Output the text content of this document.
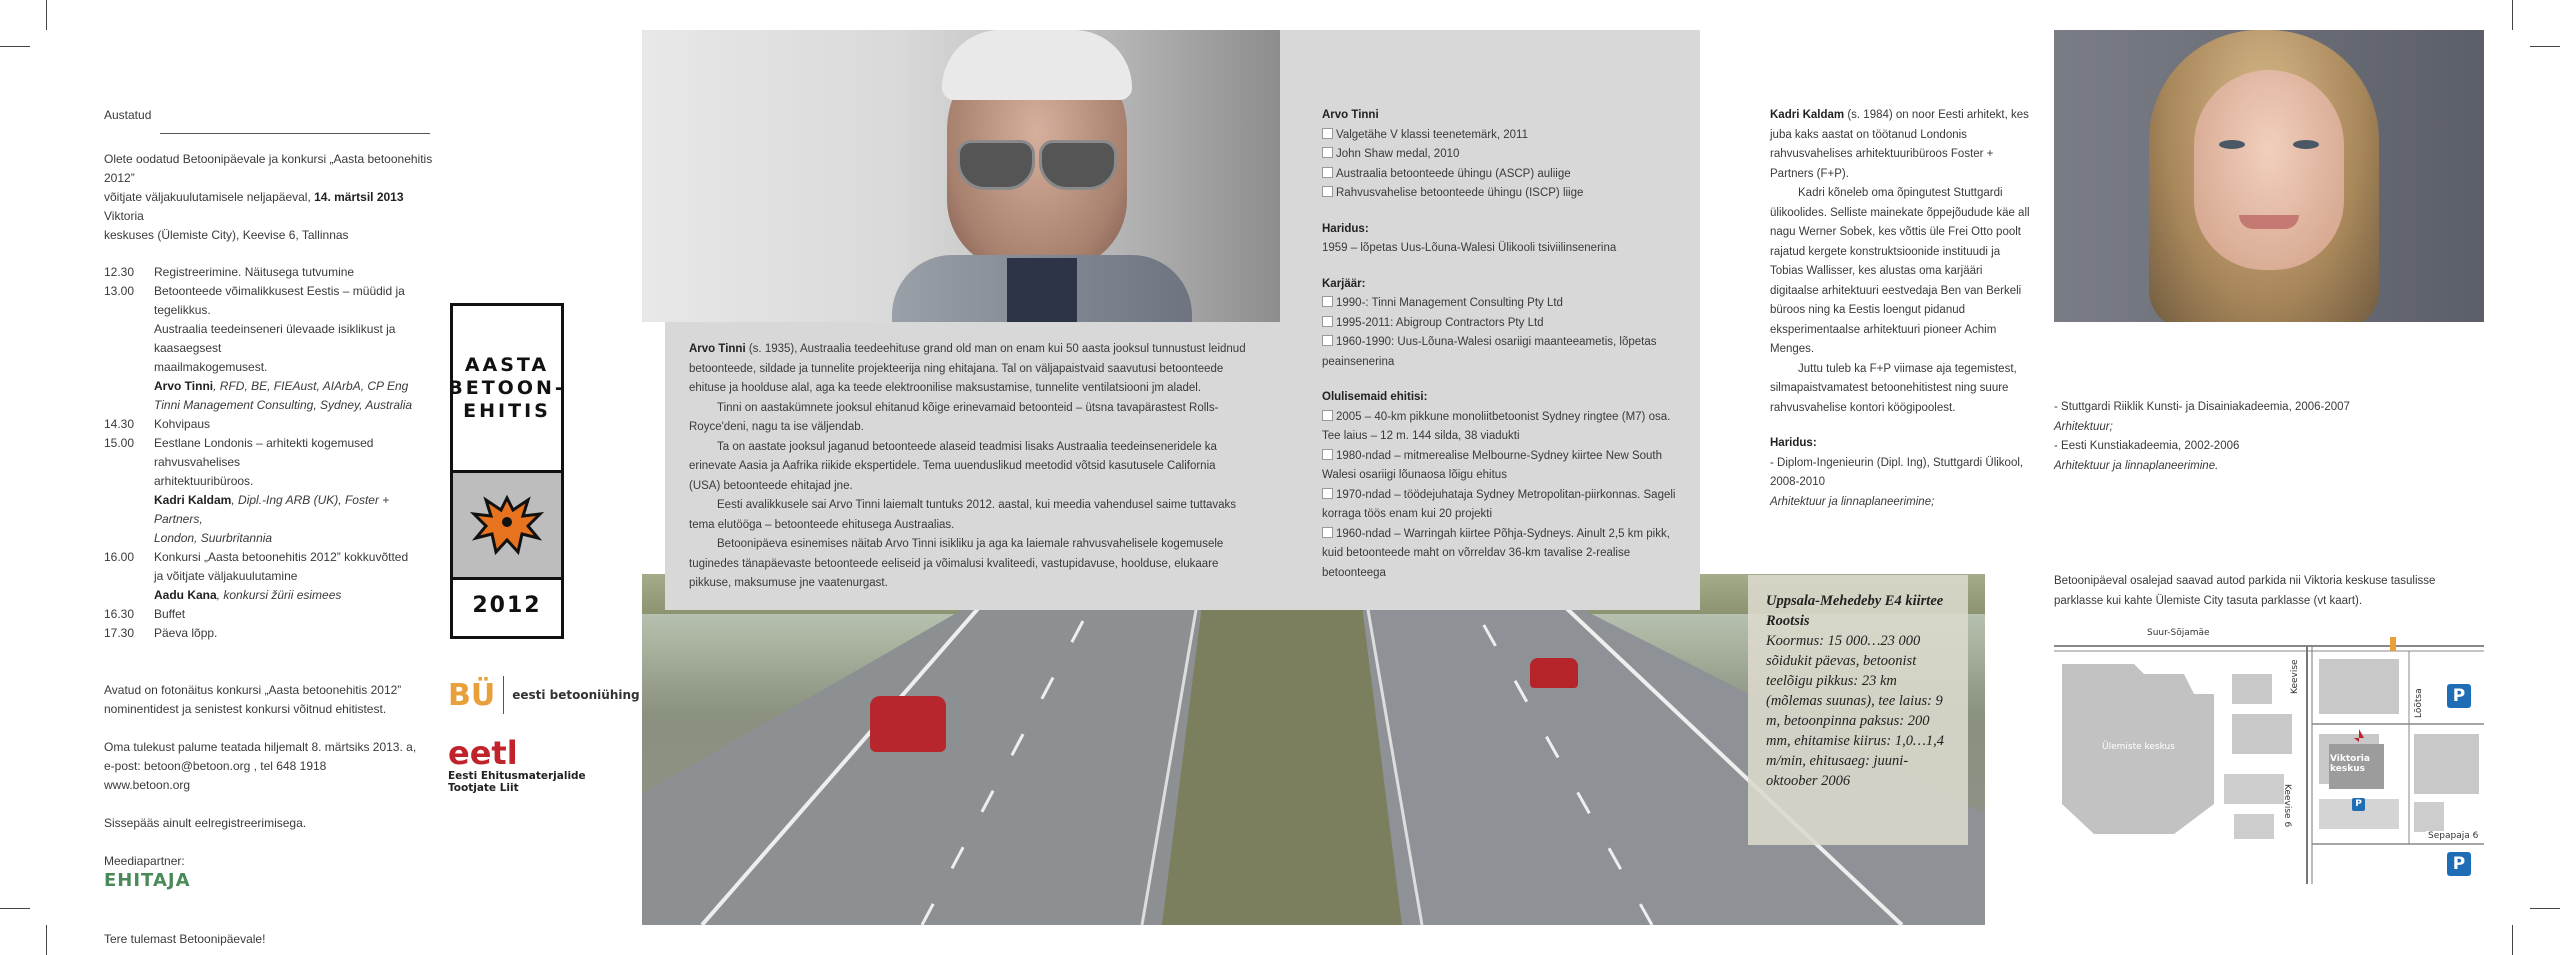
Austatud

Olete oodatud Betoonipäevale ja konkursi „Aasta betoonehitis 2012”
võitjate väljakuulutamisele neljapäeval, 14. märtsil 2013 Viktoria
keskuses (Ülemiste City), Keevise 6, Tallinnas

12.30	Registreerimine. Näitusega tutvumine
13.00	Betoonteede võimalikkusest Eestis – müüdid ja tegelikkus.
Austraalia teedeinseneri ülevaade isiklikust ja kaasaegsest
maailmakogemusest.
Arvo Tinni, RFD, BE, FIEAust, AIArbA, CP Eng
Tinni Management Consulting, Sydney, Australia
14.30	Kohvipaus
15.00	Eestlane Londonis – arhitekti kogemused rahvusvahelises
arhitektuuribüroos.
Kadri Kaldam, Dipl.-Ing ARB (UK), Foster + Partners,
London, Suurbritannia
16.00	Konkursi „Aasta betoonehitis 2012” kokkuvõtted
ja võitjate väljakuulutamine
Aadu Kana, konkursi žürii esimees
16.30	Buffet
17.30	Päeva lõpp.

Avatud on fotonäitus konkursi „Aasta betoonehitis 2012”
nominentidest ja senistest konkursi võitnud ehitistest.

Oma tulekust palume teatada hiljemalt 8. märtsiks 2013. a,
e-post: betoon@betoon.org , tel 648 1918
www.betoon.org

Sissepääs ainult eelregistreerimisega.

Meediapartner:

EHITAJA

Tere tulemast Betoonipäevale!

AASTA
BETOON-
EHITIS
2012
BÜ eesti betooniühing
eetl
Eesti Ehitusmaterjalide
Tootjate Liit

Arvo Tinni (s. 1935), Austraalia teedeehituse grand old man on enam kui 50 aasta jooksul tunnustust leidnud betoonteede, sildade ja tunnelite projekteerija ning ehitajana. Tal on väljapaistvaid saavutusi betoonteede ehituse ja hoolduse alal, aga ka teede elektroonilise maksustamise, tunnelite ventilatsiooni jm aladel.

Tinni on aastakümnete jooksul ehitanud kõige erinevamaid betoonteid – ütsna tavapärastest Rolls-Royce'deni, nagu ta ise väljendab.

Ta on aastate jooksul jaganud betoonteede alaseid teadmisi lisaks Austraalia teedeinseneridele ka erinevate Aasia ja Aafrika riikide ekspertidele. Tema uuenduslikud meetodid võtsid kasutusele California (USA) betoonteede ehitajad jne.

Eesti avalikkusele sai Arvo Tinni laiemalt tuntuks 2012. aastal, kui meedia vahendusel saime tuttavaks tema elutööga – betoonteede ehitusega Austraalias.

Betoonipäeva esinemises näitab Arvo Tinni isikliku ja aga ka laiemale rahvusvahelisele kogemusele tuginedes tänapäevaste betoonteede eeliseid ja võimalusi kvaliteedi, vastupidavuse, hoolduse, elukaare pikkuse, maksumuse jne vaatenurgast.

Arvo Tinni

Valgetähe V klassi teenetemärk, 2011

John Shaw medal, 2010

Austraalia betoonteede ühingu (ASCP) auliige

Rahvusvahelise betoonteede ühingu (ISCP) liige

Haridus:

1959 – lõpetas Uus-Lõuna-Walesi Ülikooli tsiviilinsenerina

Karjäär:

1990-: Tinni Management Consulting Pty Ltd

1995-2011: Abigroup Contractors Pty Ltd

1960-1990: Uus-Lõuna-Walesi osariigi maanteeametis, lõpetas peainsenerina

Olulisemaid ehitisi:

2005 – 40-km pikkune monoliitbetoonist Sydney ringtee (M7) osa. Tee laius – 12 m. 144 silda, 38 viadukti

1980-ndad – mitmerealise Melbourne-Sydney kiirtee New South Walesi osariigi lõunaosa lõigu ehitus

1970-ndad – töödejuhataja Sydney Metropolitan-piirkonnas. Sageli korraga töös enam kui 20 projekti

1960-ndad – Warringah kiirtee Põhja-Sydneys. Ainult 2,5 km pikk, kuid betoonteede maht on võrreldav 36-km tavalise 2-realise betoonteega

Uppsala-Mehedeby E4 kiirtee Rootsis

Koormus: 15 000…23 000 sõidukit päevas, betoonist teelõigu pikkus: 23 km (mõlemas suunas), tee laius: 9 m, betoonpinna paksus: 200 mm, ehitamise kiirus: 1,0…1,4 m/min, ehitusaeg: juuni-oktoober 2006

Kadri Kaldam (s. 1984) on noor Eesti arhitekt, kes juba kaks aastat on töötanud Londonis rahvusvahelises arhitektuuribüroos Foster + Partners (F+P).

Kadri kõneleb oma õpingutest Stuttgardi ülikoolides. Selliste mainekate õppejõudude käe all nagu Werner Sobek, kes võttis üle Frei Otto poolt rajatud kergete konstruktsioonide instituudi ja Tobias Wallisser, kes alustas oma karjääri digitaalse arhitektuuri eestvedaja Ben van Berkeli büroos ning ka Eestis loengut pidanud eksperimentaalse arhitektuuri pioneer Achim Menges.

Juttu tuleb ka F+P viimase aja tegemistest, silmapaistvamatest betoonehitistest ning suure rahvusvahelise kontori köögipoolest.

Haridus:

- Diplom-Ingenieurin (Dipl. Ing), Stuttgardi Ülikool, 2008-2010
Arhitektuur ja linnaplaneerimine;

- Stuttgardi Riiklik Kunsti- ja Disainiakadeemia, 2006-2007

Arhitektuur;

- Eesti Kunstiakadeemia, 2002-2006

Arhitektuur ja linnaplaneerimine.

Betoonipäeval osalejad saavad autod parkida nii Viktoria keskuse tasulisse parklasse kui kahte Ülemiste City tasuta parklasse (vt kaart).
Suur-Sõjamäe
Keevise
Keevise 6
Lõõtsa
Sepapaja 6
Ülemiste keskus
Viktoria keskus
P
P
P
